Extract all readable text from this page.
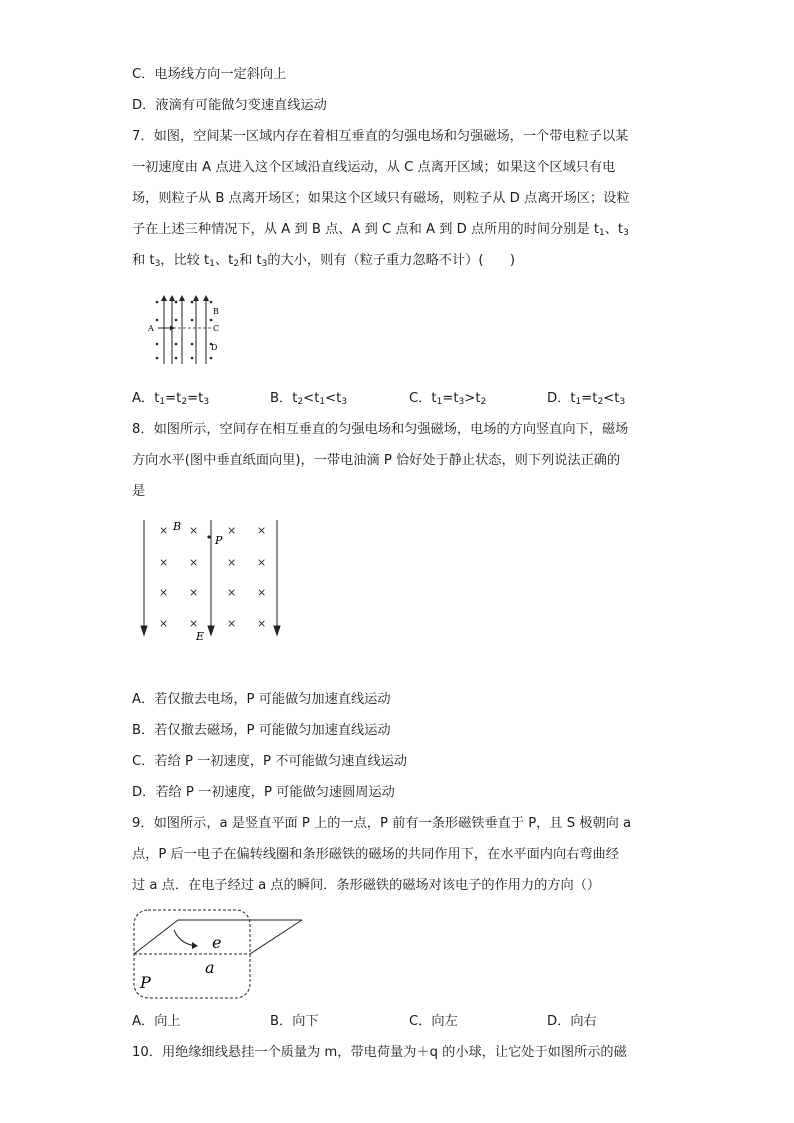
C．电场线方向一定斜向上
D．液滴有可能做匀变速直线运动
7．如图，空间某一区域内存在着相互垂直的匀强电场和匀强磁场，一个带电粒子以某
一初速度由 A 点进入这个区域沿直线运动，从 C 点离开区域；如果这个区域只有电
场，则粒子从 B 点离开场区；如果这个区域只有磁场，则粒子从 D 点离开场区；设粒
子在上述三种情况下，从 A 到 B 点、A 到 C 点和 A 到 D 点所用的时间分别是 $t_1$、$t_3$
和 $t_3$，比较 $t_1$、$t_2$和 $t_3$的大小，则有（粒子重力忽略不计）(　　)
A
B
C
D
A．$t_1=t_2=t_3$	B．$t_2<t_1<t_3$	C．$t_1=t_3>t_2$	D．$t_1=t_2<t_3$
8．如图所示，空间存在相互垂直的匀强电场和匀强磁场，电场的方向竖直向下，磁场
方向水平(图中垂直纸面向里)，一带电油滴 P 恰好处于静止状态，则下列说法正确的
是
× ×	× ×
× ×	× ×
× ×	× ×
× ×	× ×
B
P
E
A．若仅撤去电场，P 可能做匀加速直线运动
B．若仅撤去磁场，P 可能做匀加速直线运动
C．若给 P 一初速度，P 不可能做匀速直线运动
D．若给 P 一初速度，P 可能做匀速圆周运动
9．如图所示，a 是竖直平面 P 上的一点，P 前有一条形磁铁垂直于 P，且 S 极朝向 a
点，P 后一电子在偏转线圈和条形磁铁的磁场的共同作用下，在水平面内向右弯曲经
过 a 点．在电子经过 a 点的瞬间．条形磁铁的磁场对该电子的作用力的方向（）
e
a
P
A．向上	B．向下	C．向左	D．向右
10．用绝缘细线悬挂一个质量为 m，带电荷量为＋q 的小球，让它处于如图所示的磁
